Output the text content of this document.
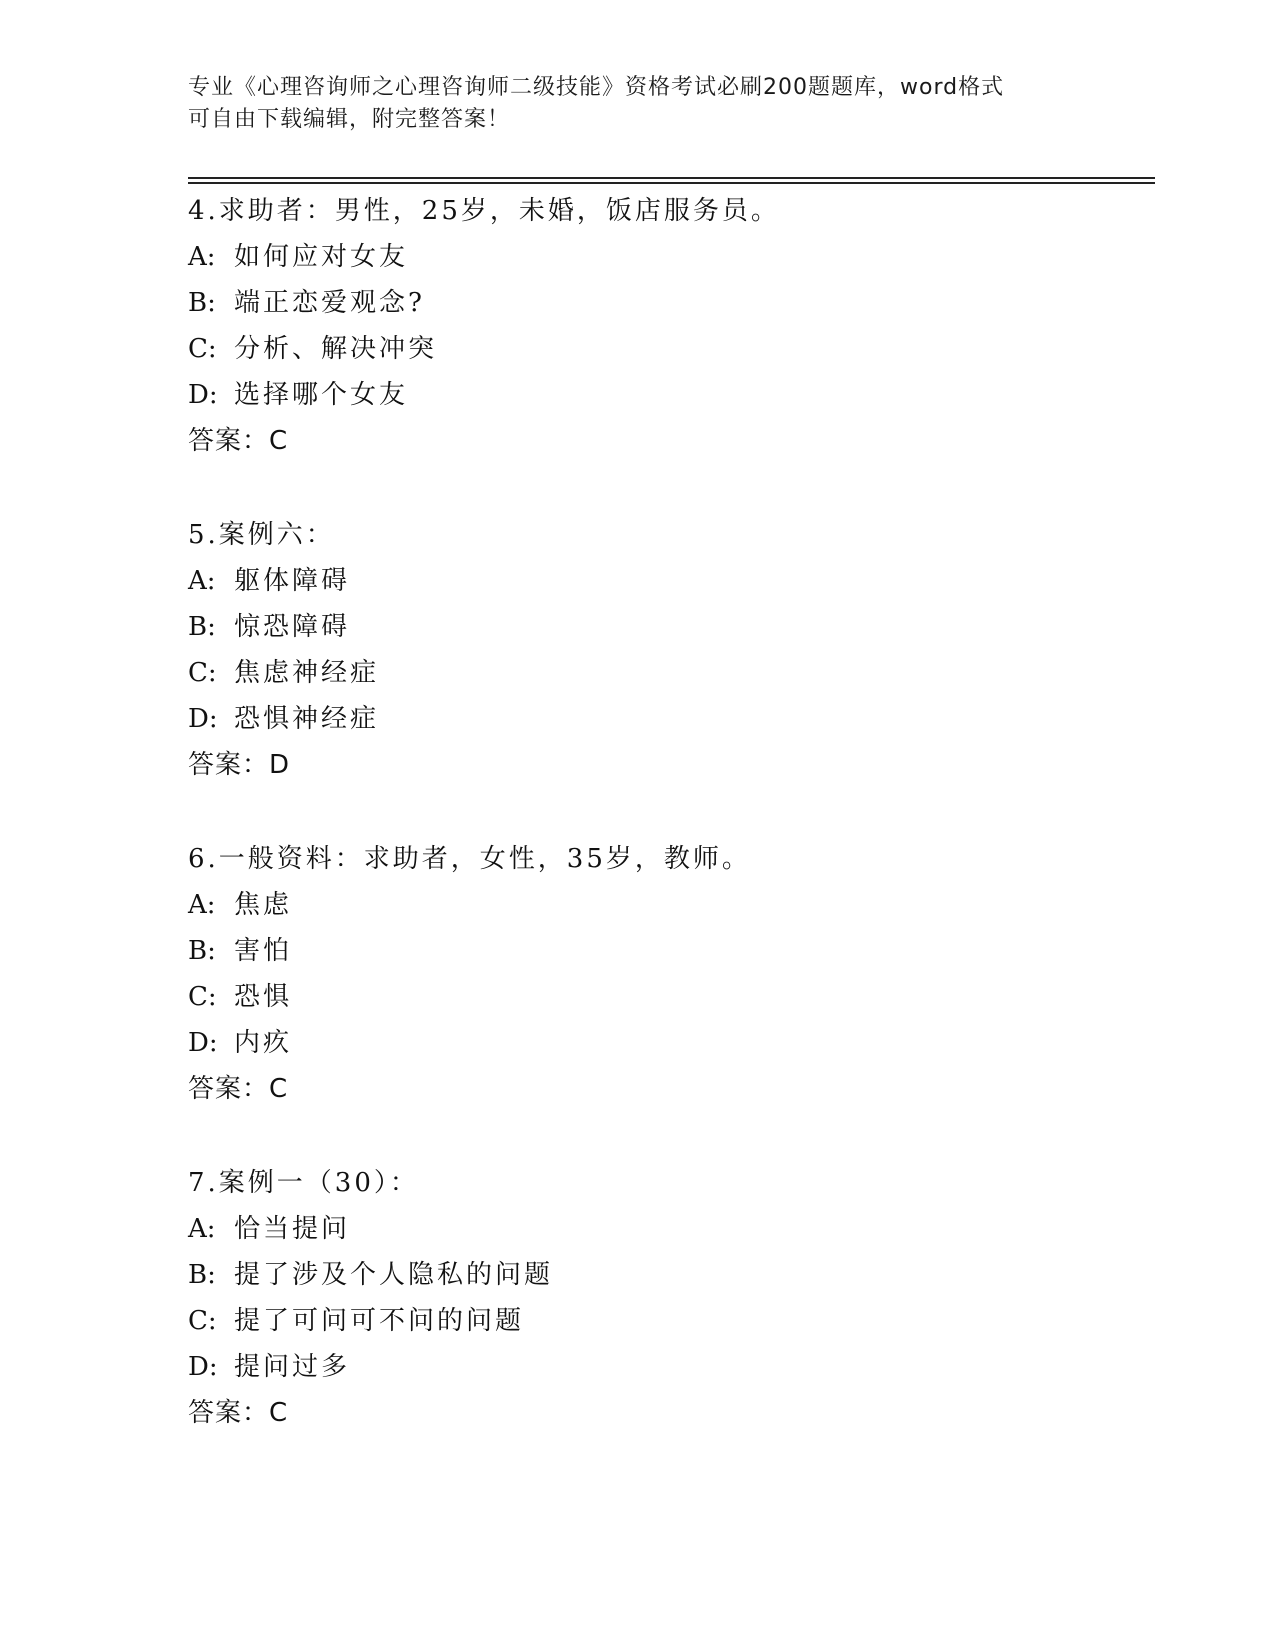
专业《心理咨询师之心理咨询师二级技能》资格考试必刷200题题库，word格式
可自由下载编辑，附完整答案！
4.求助者：男性，25岁，未婚，饭店服务员。
A: 如何应对女友
B: 端正恋爱观念?
C: 分析、解决冲突
D: 选择哪个女友
答案：C
5.案例六：
A: 躯体障碍
B: 惊恐障碍
C: 焦虑神经症
D: 恐惧神经症
答案：D
6.一般资料：求助者，女性，35岁，教师。
A: 焦虑
B: 害怕
C: 恐惧
D: 内疚
答案：C
7.案例一（30）：
A: 恰当提问
B: 提了涉及个人隐私的问题
C: 提了可问可不问的问题
D: 提问过多
答案：C
